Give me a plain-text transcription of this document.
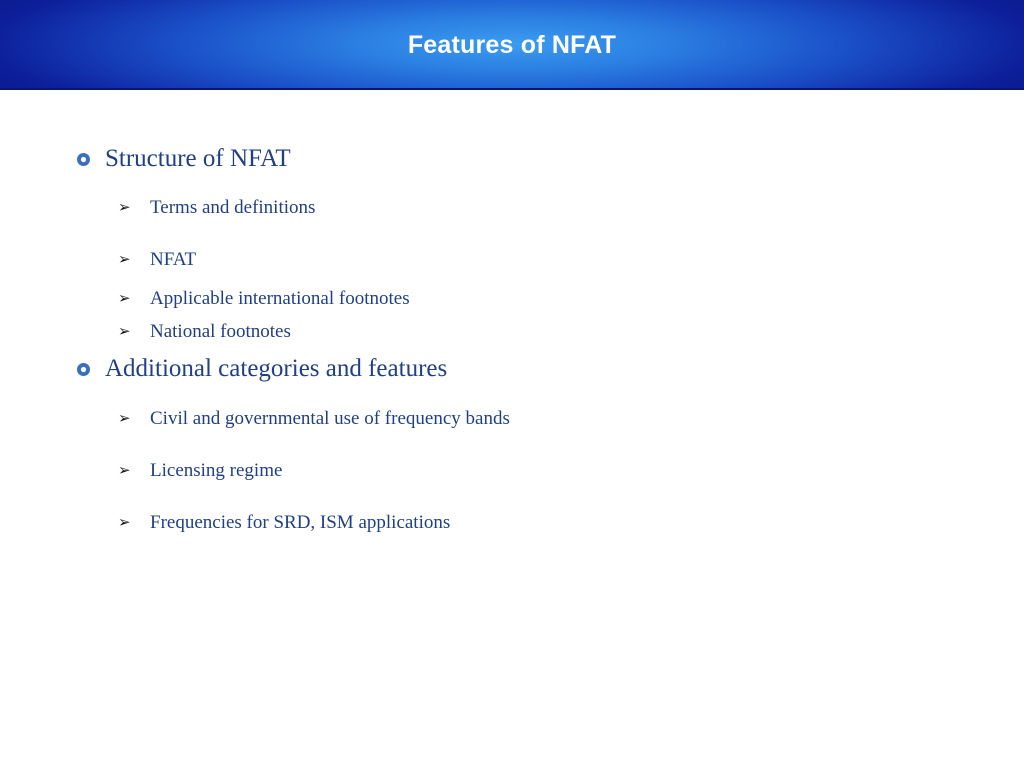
Features of NFAT
Structure of NFAT
➢ Terms and definitions
➢ NFAT
➢ Applicable international footnotes
➢ National footnotes
Additional categories and features
➢ Civil and governmental use of frequency bands
➢ Licensing regime
➢ Frequencies for SRD, ISM applications
